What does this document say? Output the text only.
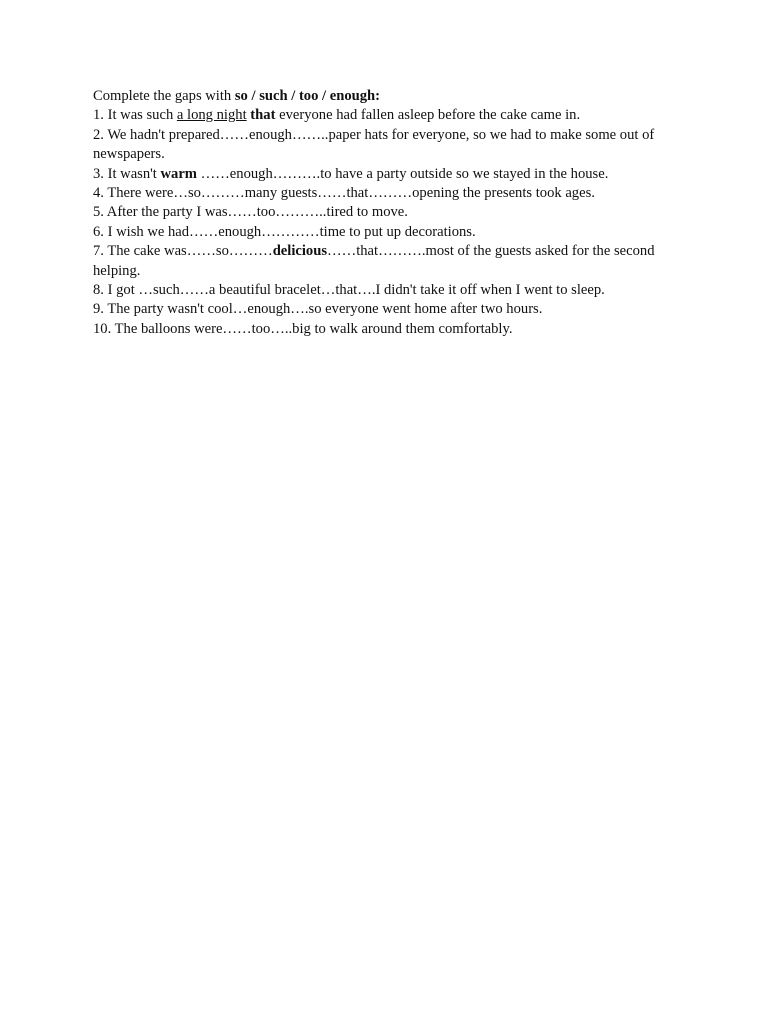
Complete the gaps with so / such / too / enough:
1. It was such a long night that everyone had fallen asleep before the cake came in.
2. We hadn't prepared……enough……..paper hats for everyone, so we had to make some out of newspapers.
3. It wasn't warm ……enough……….to have a party outside so we stayed in the house.
4. There were…so………many guests……that………opening the presents took ages.
5. After the party I was……too………..tired to move.
6. I wish we had……enough…………time to put up decorations.
7. The cake was……so………delicious……that……….most of the guests asked for the second helping.
8. I got …such……a beautiful bracelet…that….I didn't take it off when I went to sleep.
9. The party wasn't cool…enough….so everyone went home after two hours.
10. The balloons were……too…..big to walk around them comfortably.
